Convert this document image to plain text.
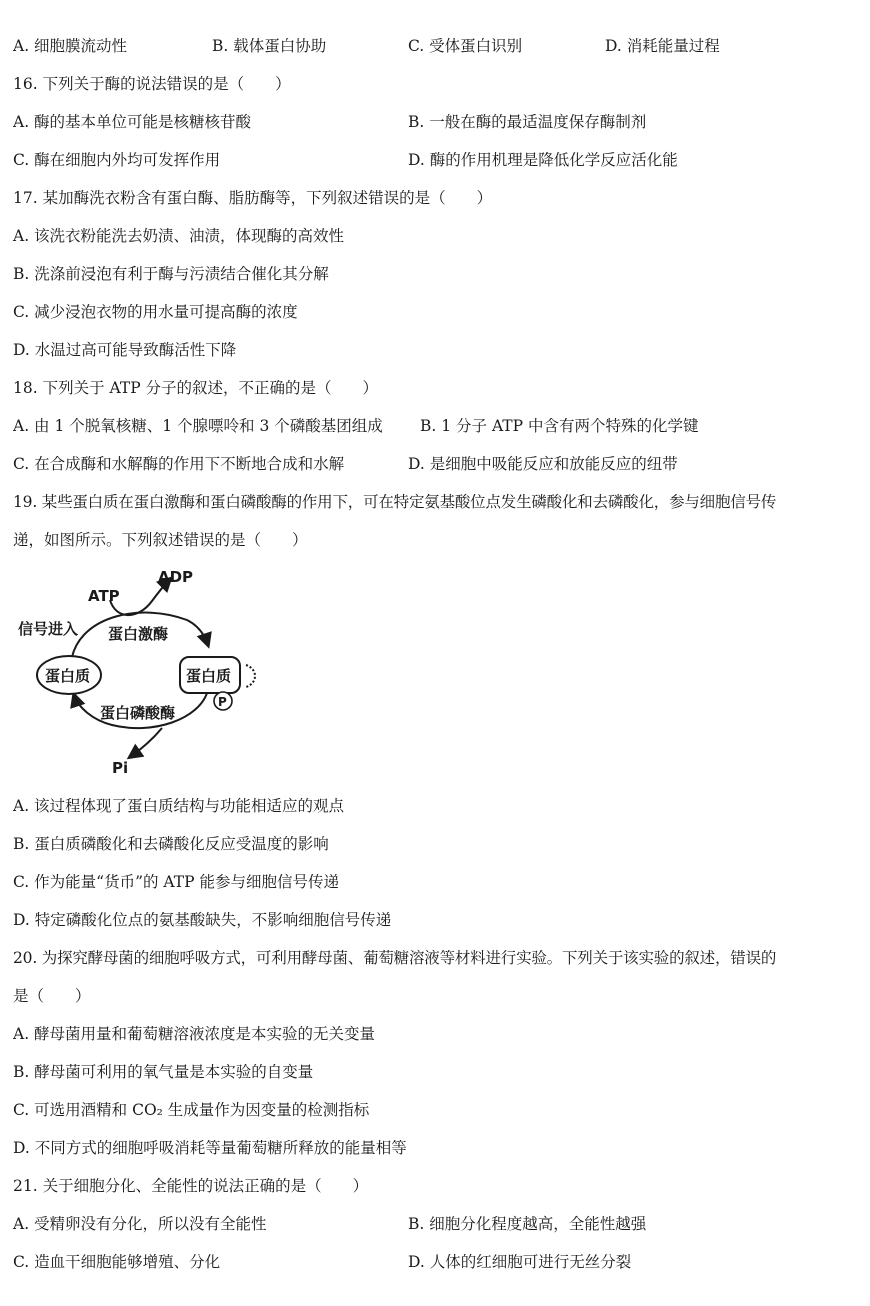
A. 细胞膜流动性	B. 载体蛋白协助	C. 受体蛋白识别	D. 消耗能量过程
16. 下列关于酶的说法错误的是（　　）
A. 酶的基本单位可能是核糖核苷酸	B. 一般在酶的最适温度保存酶制剂
C. 酶在细胞内外均可发挥作用	D. 酶的作用机理是降低化学反应活化能
17. 某加酶洗衣粉含有蛋白酶、脂肪酶等，下列叙述错误的是（　　）
A. 该洗衣粉能洗去奶渍、油渍，体现酶的高效性
B. 洗涤前浸泡有利于酶与污渍结合催化其分解
C. 减少浸泡衣物的用水量可提高酶的浓度
D. 水温过高可能导致酶活性下降
18. 下列关于 ATP 分子的叙述，不正确的是（　　）
A. 由 1 个脱氧核糖、1 个腺嘌呤和 3 个磷酸基团组成 B. 1 分子 ATP 中含有两个特殊的化学键
C. 在合成酶和水解酶的作用下不断地合成和水解	D. 是细胞中吸能反应和放能反应的纽带
19. 某些蛋白质在蛋白激酶和蛋白磷酸酶的作用下，可在特定氨基酸位点发生磷酸化和去磷酸化，参与细胞信号传
递，如图所示。下列叙述错误的是（　　）
ATP
ADP
信号进入 蛋白激酶
蛋白质	蛋白质
P
蛋白磷酸酶
Pi
A. 该过程体现了蛋白质结构与功能相适应的观点
B. 蛋白质磷酸化和去磷酸化反应受温度的影响
C. 作为能量“货币”的 ATP 能参与细胞信号传递
D. 特定磷酸化位点的氨基酸缺失，不影响细胞信号传递
20. 为探究酵母菌的细胞呼吸方式，可利用酵母菌、葡萄糖溶液等材料进行实验。下列关于该实验的叙述，错误的
是（　　）
A. 酵母菌用量和葡萄糖溶液浓度是本实验的无关变量
B. 酵母菌可利用的氧气量是本实验的自变量
C. 可选用酒精和 CO₂ 生成量作为因变量的检测指标
D. 不同方式的细胞呼吸消耗等量葡萄糖所释放的能量相等
21. 关于细胞分化、全能性的说法正确的是（　　）
A. 受精卵没有分化，所以没有全能性	B. 细胞分化程度越高，全能性越强
C. 造血干细胞能够增殖、分化	D. 人体的红细胞可进行无丝分裂
